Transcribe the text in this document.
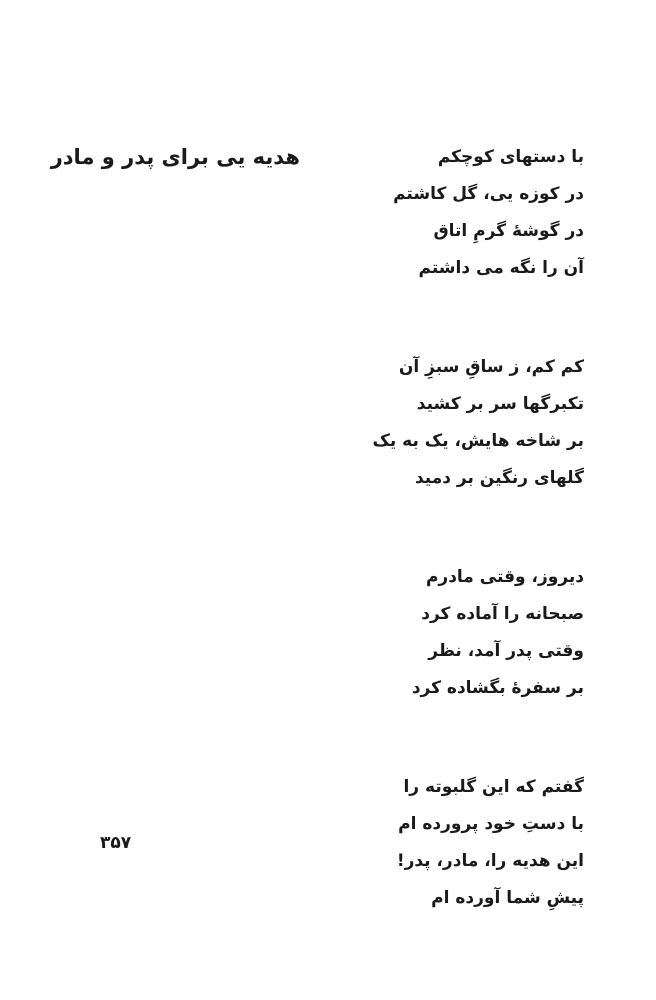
هدیه یی برای پدر و مادر	با دستهای کوچکم
در کوزه یی، گل کاشتم
در گوشهٔ گرمِ اتاق
آن را نگه می داشتم
کم کم، ز ساقِ سبزِ آن
تکبرگها سر بر کشید
بر شاخه هایش، یک به یک
گلهای رنگین بر دمید
دیروز، وقتی مادرم
صبحانه را آماده کرد
وقتی پدر آمد، نظر
بر سفرهٔ بگشاده کرد
گفتم که این گلبوته را
با دستِ خود پرورده ام
این هدیه را، مادر، پدر!
پیشِ شما آورده ام
۳۵۷
